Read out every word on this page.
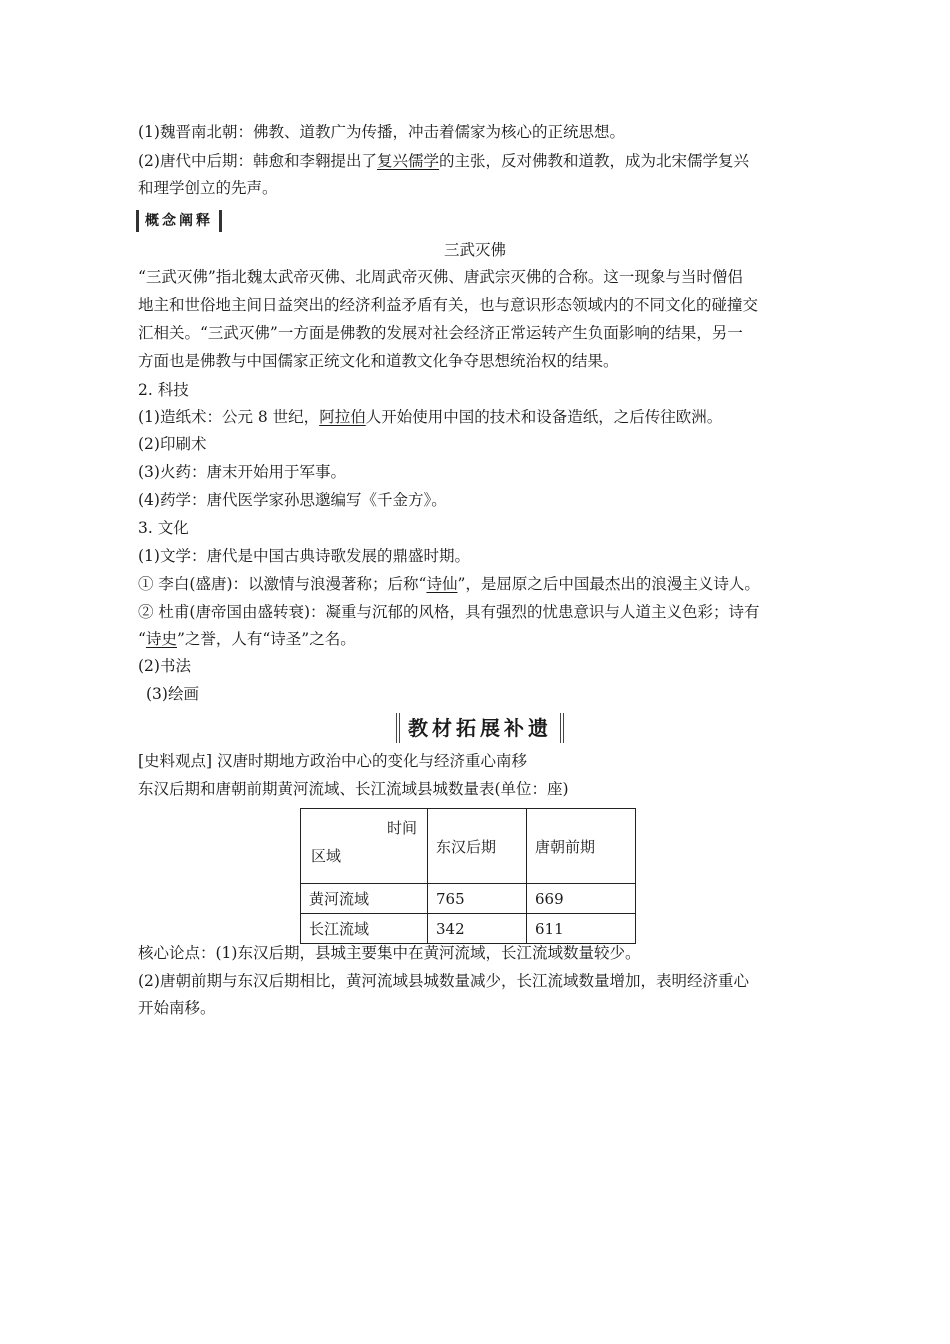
(1)魏晋南北朝：佛教、道教广为传播，冲击着儒家为核心的正统思想。
(2)唐代中后期：韩愈和李翱提出了复兴儒学的主张，反对佛教和道教，成为北宋儒学复兴
和理学创立的先声。
概念阐释
三武灭佛
“三武灭佛”指北魏太武帝灭佛、北周武帝灭佛、唐武宗灭佛的合称。这一现象与当时僧侣
地主和世俗地主间日益突出的经济利益矛盾有关，也与意识形态领域内的不同文化的碰撞交
汇相关。“三武灭佛”一方面是佛教的发展对社会经济正常运转产生负面影响的结果，另一
方面也是佛教与中国儒家正统文化和道教文化争夺思想统治权的结果。
2. 科技
(1)造纸术：公元 8 世纪，阿拉伯人开始使用中国的技术和设备造纸，之后传往欧洲。
(2)印刷术
(3)火药：唐末开始用于军事。
(4)药学：唐代医学家孙思邈编写《千金方》。
3. 文化
(1)文学：唐代是中国古典诗歌发展的鼎盛时期。
① 李白(盛唐)：以激情与浪漫著称；后称“诗仙”，是屈原之后中国最杰出的浪漫主义诗人。
② 杜甫(唐帝国由盛转衰)：凝重与沉郁的风格，具有强烈的忧患意识与人道主义色彩；诗有
“诗史”之誉，人有“诗圣”之名。
(2)书法
(3)绘画
教材拓展补遗
[史料观点] 汉唐时期地方政治中心的变化与经济重心南移
东汉后期和唐朝前期黄河流域、长江流域县城数量表(单位：座)
时间
区域	东汉后期	唐朝前期
黄河流域	765	669
长江流域	342	611
核心论点：(1)东汉后期，县城主要集中在黄河流域，长江流域数量较少。
(2)唐朝前期与东汉后期相比，黄河流域县城数量减少，长江流域数量增加，表明经济重心
开始南移。
